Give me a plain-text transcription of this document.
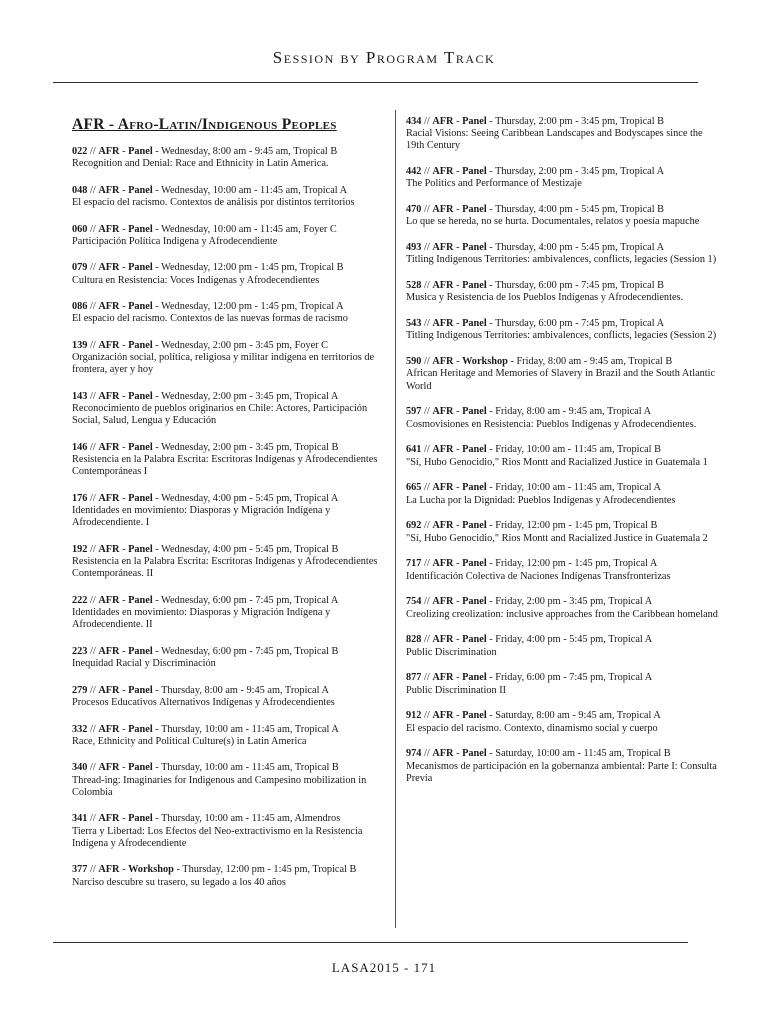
Session by Program Track
AFR - Afro-Latin/Indigenous Peoples
022 // AFR - Panel - Wednesday, 8:00 am - 9:45 am, Tropical B
Recognition and Denial: Race and Ethnicity in Latin America.
048 // AFR - Panel - Wednesday, 10:00 am - 11:45 am, Tropical A
El espacio del racismo. Contextos de análisis por distintos territorios
060 // AFR - Panel - Wednesday, 10:00 am - 11:45 am, Foyer C
Participación Política Indígena y Afrodecendiente
079 // AFR - Panel - Wednesday, 12:00 pm - 1:45 pm, Tropical B
Cultura en Resistencia: Voces Indígenas y Afrodecendientes
086 // AFR - Panel - Wednesday, 12:00 pm - 1:45 pm, Tropical A
El espacio del racismo. Contextos de las nuevas formas de racismo
139 // AFR - Panel - Wednesday, 2:00 pm - 3:45 pm, Foyer C
Organización social, política, religiosa y militar indígena en territorios de frontera, ayer y hoy
143 // AFR - Panel - Wednesday, 2:00 pm - 3:45 pm, Tropical A
Reconocimiento de pueblos originarios en Chile: Actores, Participación Social, Salud, Lengua y Educación
146 // AFR - Panel - Wednesday, 2:00 pm - 3:45 pm, Tropical B
Resistencia en la Palabra Escrita: Escritoras Indígenas y Afrodecendientes Contemporáneas I
176 // AFR - Panel - Wednesday, 4:00 pm - 5:45 pm, Tropical A
Identidades en movimiento: Diasporas y Migración Indígena y Afrodecendiente. I
192 // AFR - Panel - Wednesday, 4:00 pm - 5:45 pm, Tropical B
Resistencia en la Palabra Escrita: Escritoras Indígenas y Afrodecendientes Contemporáneas. II
222 // AFR - Panel - Wednesday, 6:00 pm - 7:45 pm, Tropical A
Identidades en movimiento: Diasporas y Migración Indígena y Afrodecendiente. II
223 // AFR - Panel - Wednesday, 6:00 pm - 7:45 pm, Tropical B
Inequidad Racial y Discriminación
279 // AFR - Panel - Thursday, 8:00 am - 9:45 am, Tropical A
Procesos Educativos Alternativos Indígenas y Afrodecendientes
332 // AFR - Panel - Thursday, 10:00 am - 11:45 am, Tropical A
Race, Ethnicity and Political Culture(s) in Latin America
340 // AFR - Panel - Thursday, 10:00 am - 11:45 am, Tropical B
Thread-ing: Imaginaries for Indigenous and Campesino mobilization in Colombia
341 // AFR - Panel - Thursday, 10:00 am - 11:45 am, Almendros
Tierra y Libertad: Los Efectos del Neo-extractivismo en la Resistencia Indígena y Afrodecendiente
377 // AFR - Workshop - Thursday, 12:00 pm - 1:45 pm, Tropical B
Narciso descubre su trasero, su legado a los 40 años
434 // AFR - Panel - Thursday, 2:00 pm - 3:45 pm, Tropical B
Racial Visions: Seeing Caribbean Landscapes and Bodyscapes since the 19th Century
442 // AFR - Panel - Thursday, 2:00 pm - 3:45 pm, Tropical A
The Politics and Performance of Mestizaje
470 // AFR - Panel - Thursday, 4:00 pm - 5:45 pm, Tropical B
Lo que se hereda, no se hurta. Documentales, relatos y poesía mapuche
493 // AFR - Panel - Thursday, 4:00 pm - 5:45 pm, Tropical A
Titling Indigenous Territories: ambivalences, conflicts, legacies (Session 1)
528 // AFR - Panel - Thursday, 6:00 pm - 7:45 pm, Tropical B
Musica y Resistencia de los Pueblos Indígenas y Afrodecendientes.
543 // AFR - Panel - Thursday, 6:00 pm - 7:45 pm, Tropical A
Titling Indigenous Territories: ambivalences, conflicts, legacies (Session 2)
590 // AFR - Workshop - Friday, 8:00 am - 9:45 am, Tropical B
African Heritage and Memories of Slavery in Brazil and the South Atlantic World
597 // AFR - Panel - Friday, 8:00 am - 9:45 am, Tropical A
Cosmovisiones en Resistencia: Pueblos Indígenas y Afrodecendientes.
641 // AFR - Panel - Friday, 10:00 am - 11:45 am, Tropical B
"Sí, Hubo Genocidio," Rios Montt and Racialized Justice in Guatemala 1
665 // AFR - Panel - Friday, 10:00 am - 11:45 am, Tropical A
La Lucha por la Dignidad: Pueblos Indígenas y Afrodecendientes
692 // AFR - Panel - Friday, 12:00 pm - 1:45 pm, Tropical B
"Sí, Hubo Genocidio," Rios Montt and Racialized Justice in Guatemala 2
717 // AFR - Panel - Friday, 12:00 pm - 1:45 pm, Tropical A
Identificación Colectiva de Naciones Indígenas Transfronterizas
754 // AFR - Panel - Friday, 2:00 pm - 3:45 pm, Tropical A
Creolizing creolization: inclusive approaches from the Caribbean homeland
828 // AFR - Panel - Friday, 4:00 pm - 5:45 pm, Tropical A
Public Discrimination
877 // AFR - Panel - Friday, 6:00 pm - 7:45 pm, Tropical A
Public Discrimination II
912 // AFR - Panel - Saturday, 8:00 am - 9:45 am, Tropical A
El espacio del racismo. Contexto, dinamismo social y cuerpo
974 // AFR - Panel - Saturday, 10:00 am - 11:45 am, Tropical B
Mecanismos de participación en la gobernanza ambiental: Parte I: Consulta Previa
LASA2015 - 171
